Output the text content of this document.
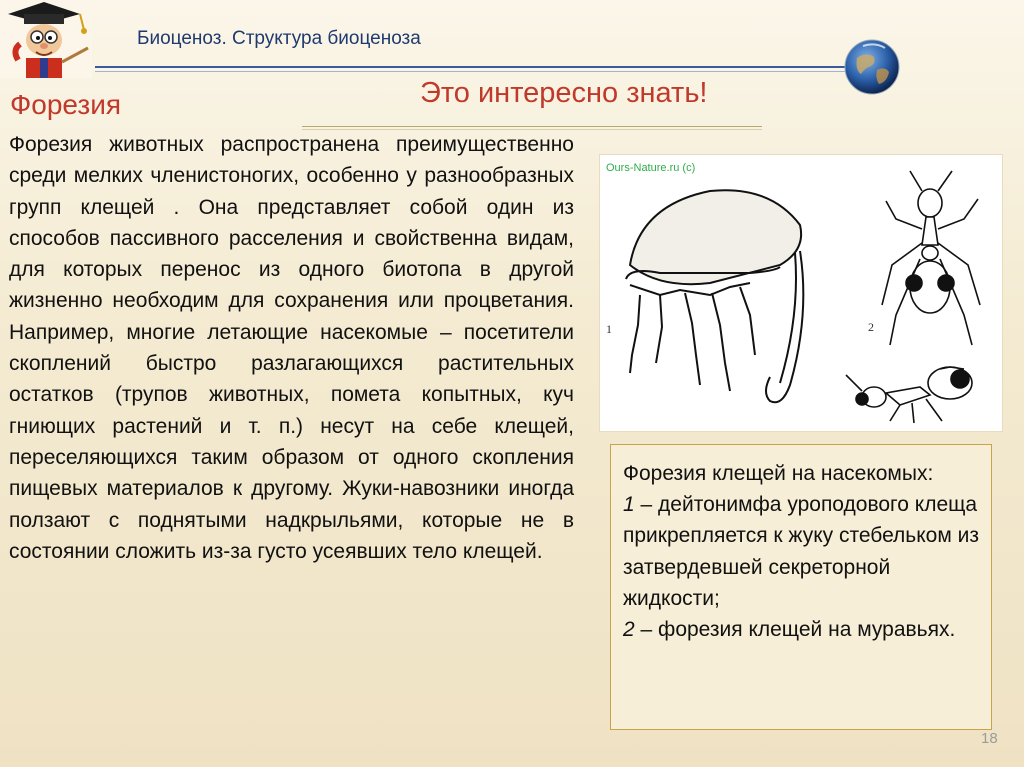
Биоценоз. Структура биоценоза
Форезия	Это интересно знать!
Форезия животных распространена преимущественно среди мелких членистоногих, особенно у разнообразных групп клещей . Она представляет собой один из способов пассивного расселения и свойственна видам, для которых перенос из одного биотопа в другой жизненно необходим для сохранения или процветания. Например, многие летающие насекомые – посетители скоплений быстро разлагающихся растительных остатков (трупов животных, помета копытных, куч гниющих растений и т. п.) несут на себе клещей, переселяющихся таким образом от одного скопления пищевых материалов к другому. Жуки-навозники иногда ползают с поднятыми надкрыльями, которые не в состоянии сложить из-за густо усеявших тело клещей.
Ours-Nature.ru (c)
1	2
Форезия клещей на насекомых:
1 – дейтонимфа уроподового клеща прикрепляется к жуку стебельком из затвердевшей секреторной жидкости;
2 – форезия клещей на муравьях.
18
